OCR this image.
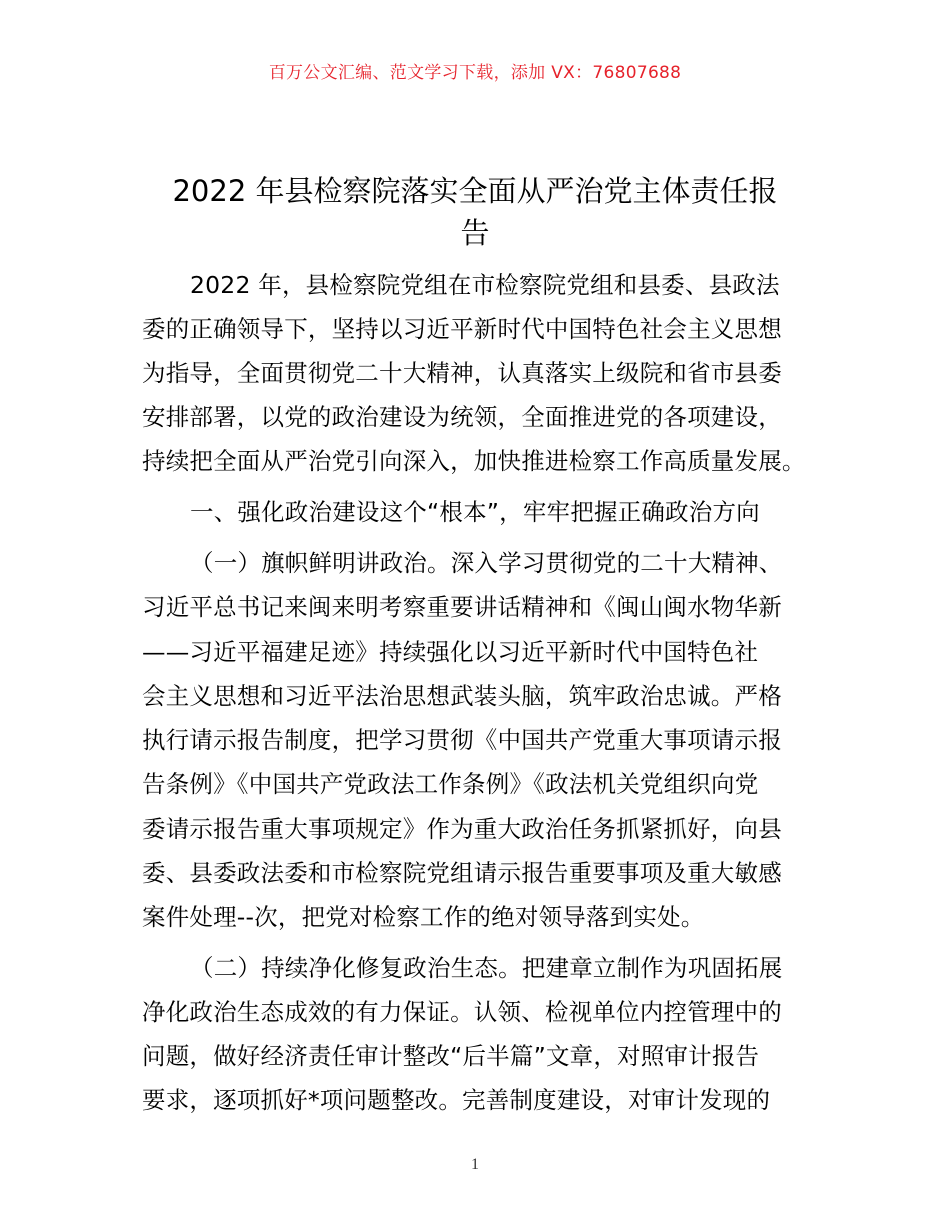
百万公文汇编、范文学习下载，添加 VX：76807688
2022 年县检察院落实全面从严治党主体责任报
告
2022 年，县检察院党组在市检察院党组和县委、县政法
委的正确领导下，坚持以习近平新时代中国特色社会主义思想
为指导，全面贯彻党二十大精神，认真落实上级院和省市县委
安排部署，以党的政治建设为统领，全面推进党的各项建设，
持续把全面从严治党引向深入，加快推进检察工作高质量发展。
一、强化政治建设这个“根本”，牢牢把握正确政治方向
（一）旗帜鲜明讲政治。深入学习贯彻党的二十大精神、
习近平总书记来闽来明考察重要讲话精神和《闽山闽水物华新
——习近平福建足迹》持续强化以习近平新时代中国特色社
会主义思想和习近平法治思想武装头脑，筑牢政治忠诚。严格
执行请示报告制度，把学习贯彻《中国共产党重大事项请示报
告条例》《中国共产党政法工作条例》《政法机关党组织向党
委请示报告重大事项规定》作为重大政治任务抓紧抓好，向县
委、县委政法委和市检察院党组请示报告重要事项及重大敏感
案件处理--次，把党对检察工作的绝对领导落到实处。
（二）持续净化修复政治生态。把建章立制作为巩固拓展
净化政治生态成效的有力保证。认领、检视单位内控管理中的
问题，做好经济责任审计整改“后半篇”文章，对照审计报告
要求，逐项抓好*项问题整改。完善制度建设，对审计发现的
1
